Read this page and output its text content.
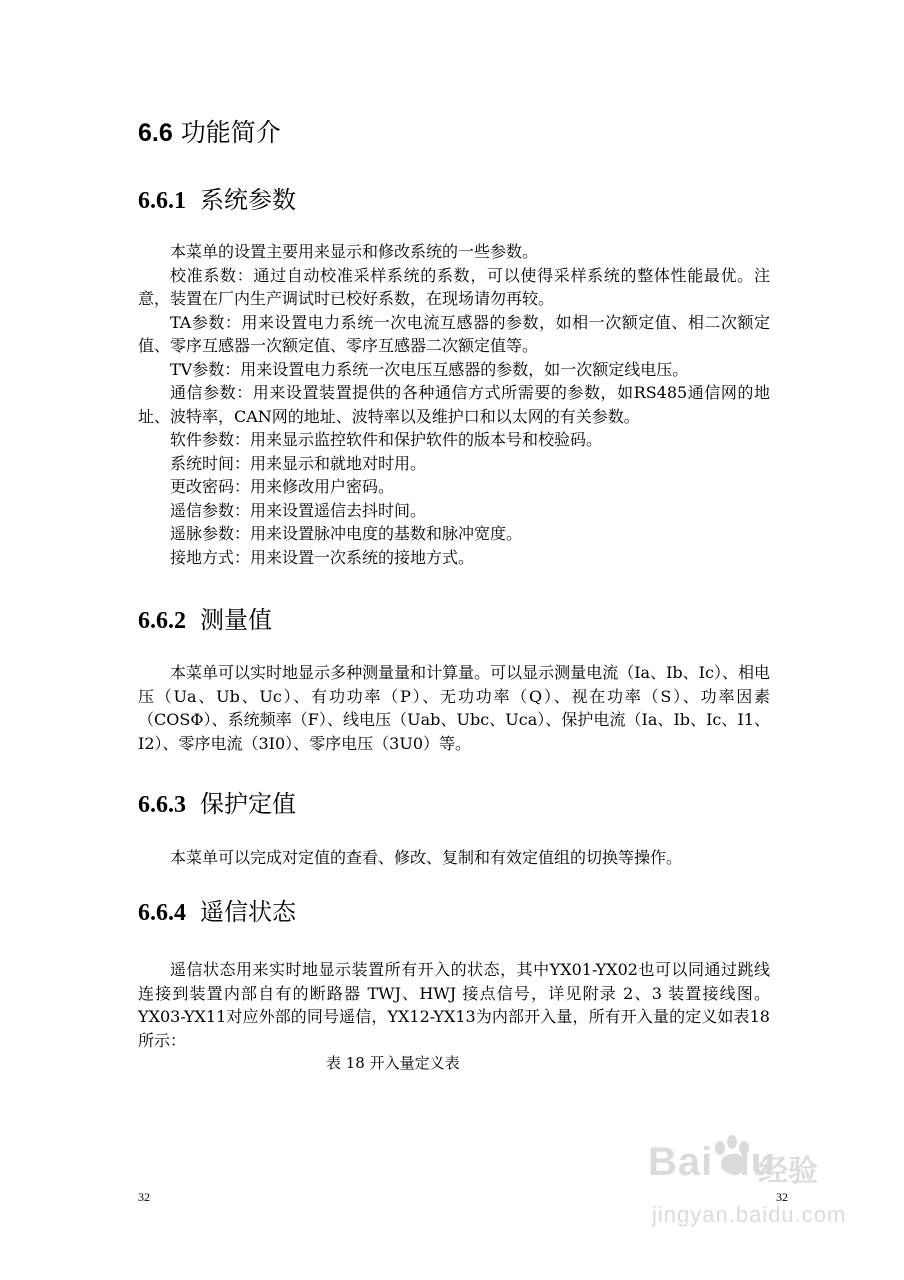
6.6 功能简介
6.6.1 系统参数

本菜单的设置主要用来显示和修改系统的一些参数。

校准系数：通过自动校准采样系统的系数，可以使得采样系统的整体性能最优。注意，装置在厂内生产调试时已校好系数，在现场请勿再较。

TA参数：用来设置电力系统一次电流互感器的参数，如相一次额定值、相二次额定值、零序互感器一次额定值、零序互感器二次额定值等。

TV参数：用来设置电力系统一次电压互感器的参数，如一次额定线电压。

通信参数：用来设置装置提供的各种通信方式所需要的参数，如RS485通信网的地址、波特率，CAN网的地址、波特率以及维护口和以太网的有关参数。

软件参数：用来显示监控软件和保护软件的版本号和校验码。

系统时间：用来显示和就地对时用。

更改密码：用来修改用户密码。

遥信参数：用来设置遥信去抖时间。

遥脉参数：用来设置脉冲电度的基数和脉冲宽度。

接地方式：用来设置一次系统的接地方式。

6.6.2 测量值

本菜单可以实时地显示多种测量量和计算量。可以显示测量电流（Ia、Ib、Ic）、相电压（Ua、Ub、Uc）、有功功率（P）、无功功率（Q）、视在功率（S）、功率因素（COSΦ）、系统频率（F）、线电压（Uab、Ubc、Uca）、保护电流（Ia、Ib、Ic、I1、I2）、零序电流（3I0）、零序电压（3U0）等。

6.6.3 保护定值

本菜单可以完成对定值的查看、修改、复制和有效定值组的切换等操作。

6.6.4 遥信状态

遥信状态用来实时地显示装置所有开入的状态，其中YX01-YX02也可以同通过跳线连接到装置内部自有的断路器 TWJ、HWJ 接点信号，详见附录 2、3 装置接线图。YX03-YX11对应外部的同号遥信，YX12-YX13为内部开入量，所有开入量的定义如表18所示：

表 18 开入量定义表
32	32
Bai du
经验
jingyan.baidu.com
